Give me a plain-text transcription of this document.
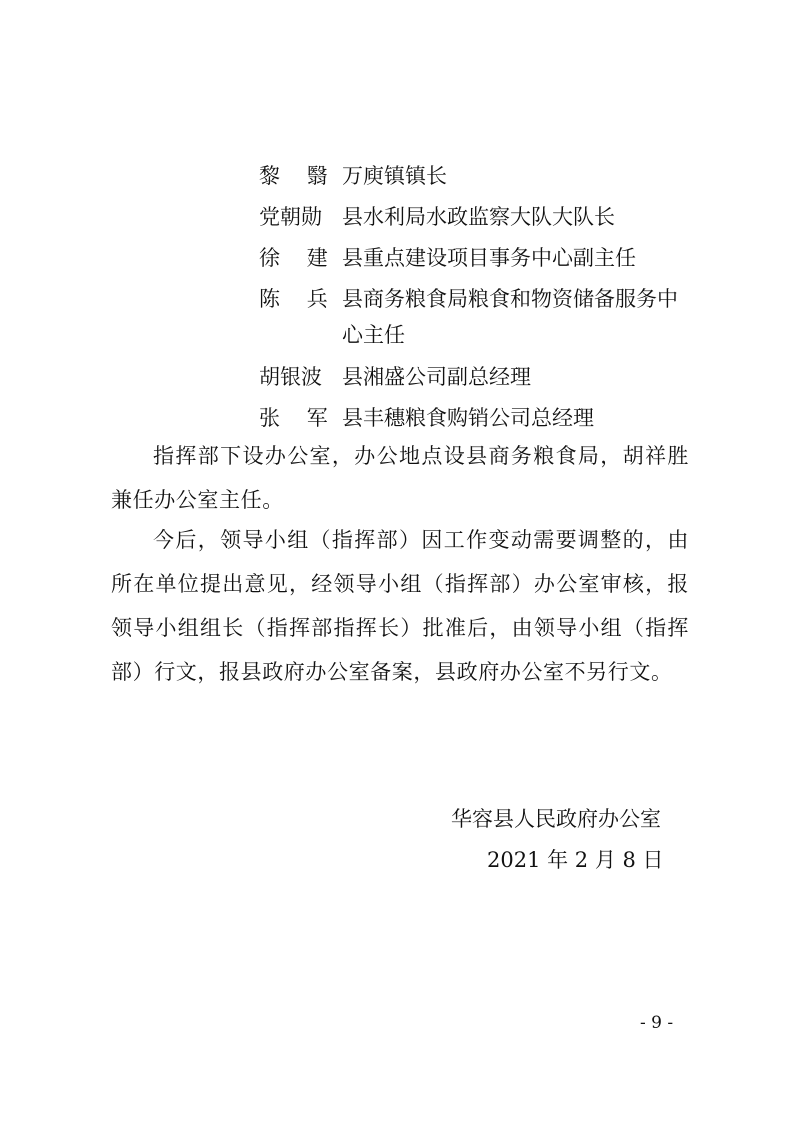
黎    翳 万庾镇镇长
党朝勋 县水利局水政监察大队大队长
徐    建 县重点建设项目事务中心副主任
陈    兵 县商务粮食局粮食和物资储备服务中
心主任
胡银波 县湘盛公司副总经理
张    军 县丰穗粮食购销公司总经理
指挥部下设办公室，办公地点设县商务粮食局，胡祥胜兼任办公室主任。
今后，领导小组（指挥部）因工作变动需要调整的，由所在单位提出意见，经领导小组（指挥部）办公室审核，报领导小组组长（指挥部指挥长）批准后，由领导小组（指挥部）行文，报县政府办公室备案，县政府办公室不另行文。
华容县人民政府办公室
2021 年 2 月 8 日
- 9 -
